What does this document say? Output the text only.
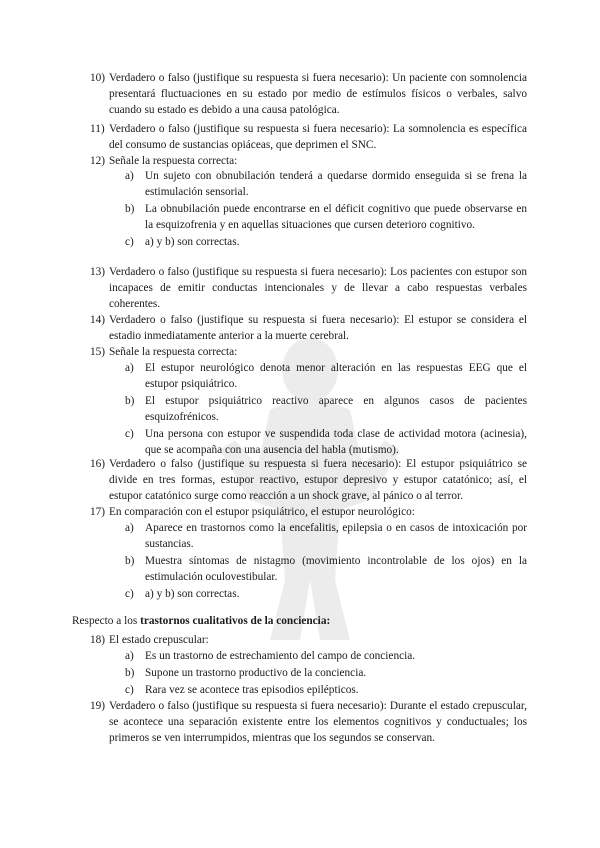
10) Verdadero o falso (justifique su respuesta si fuera necesario): Un paciente con somnolencia presentará fluctuaciones en su estado por medio de estímulos físicos o verbales, salvo cuando su estado es debido a una causa patológica.
11) Verdadero o falso (justifique su respuesta si fuera necesario): La somnolencia es específica del consumo de sustancias opiáceas, que deprimen el SNC.
12) Señale la respuesta correcta:
a) Un sujeto con obnubilación tenderá a quedarse dormido enseguida si se frena la estimulación sensorial.
b) La obnubilación puede encontrarse en el déficit cognitivo que puede observarse en la esquizofrenia y en aquellas situaciones que cursen deterioro cognitivo.
c) a) y b) son correctas.
13) Verdadero o falso (justifique su respuesta si fuera necesario): Los pacientes con estupor son incapaces de emitir conductas intencionales y de llevar a cabo respuestas verbales coherentes.
14) Verdadero o falso (justifique su respuesta si fuera necesario): El estupor se considera el estadio inmediatamente anterior a la muerte cerebral.
15) Señale la respuesta correcta:
a) El estupor neurológico denota menor alteración en las respuestas EEG que el estupor psiquiátrico.
b) El estupor psiquiátrico reactivo aparece en algunos casos de pacientes esquizofrénicos.
c) Una persona con estupor ve suspendida toda clase de actividad motora (acinesia), que se acompaña con una ausencia del habla (mutismo).
16) Verdadero o falso (justifique su respuesta si fuera necesario): El estupor psiquiátrico se divide en tres formas, estupor reactivo, estupor depresivo y estupor catatónico; así, el estupor catatónico surge como reacción a un shock grave, al pánico o al terror.
17) En comparación con el estupor psiquiátrico, el estupor neurológico:
a) Aparece en trastornos como la encefalitis, epilepsia o en casos de intoxicación por sustancias.
b) Muestra síntomas de nistagmo (movimiento incontrolable de los ojos) en la estimulación oculovestibular.
c) a) y b) son correctas.
Respecto a los trastornos cualitativos de la conciencia:
18) El estado crepuscular:
a) Es un trastorno de estrechamiento del campo de conciencia.
b) Supone un trastorno productivo de la conciencia.
c) Rara vez se acontece tras episodios epilépticos.
19) Verdadero o falso (justifique su respuesta si fuera necesario): Durante el estado crepuscular, se acontece una separación existente entre los elementos cognitivos y conductuales; los primeros se ven interrumpidos, mientras que los segundos se conservan.
